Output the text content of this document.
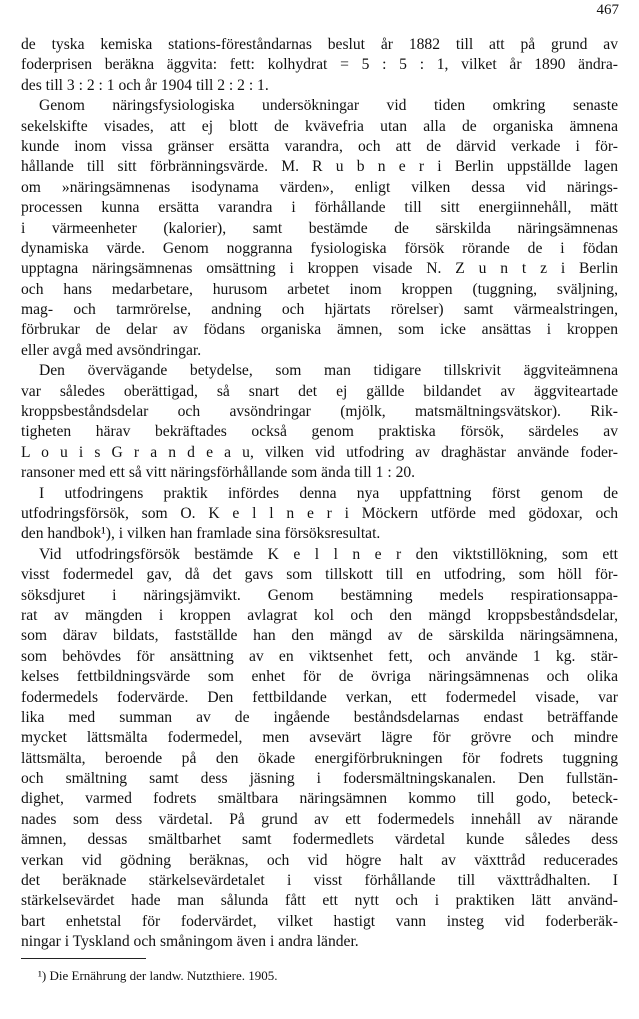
467
de tyska kemiska stations-föreståndarnas beslut år 1882 till att på grund av
foderprisen beräkna äggvita: fett: kolhydrat = 5 : 5 : 1, vilket år 1890 ändra-
des till 3 : 2 : 1 och år 1904 till 2 : 2 : 1.
Genom näringsfysiologiska undersökningar vid tiden omkring senaste
sekelskifte visades, att ej blott de kvävefria utan alla de organiska ämnena
kunde inom vissa gränser ersätta varandra, och att de därvid verkade i för-
hållande till sitt förbränningsvärde. M. R u b n e r i Berlin uppställde lagen
om »näringsämnenas isodynama värden», enligt vilken dessa vid närings-
processen kunna ersätta varandra i förhållande till sitt energiinnehåll, mätt
i värmeenheter (kalorier), samt bestämde de särskilda näringsämnenas
dynamiska värde. Genom noggranna fysiologiska försök rörande de i födan
upptagna näringsämnenas omsättning i kroppen visade N. Z u n t z i Berlin
och hans medarbetare, hurusom arbetet inom kroppen (tuggning, sväljning,
mag- och tarmrörelse, andning och hjärtats rörelser) samt värmealstringen,
förbrukar de delar av födans organiska ämnen, som icke ansättas i kroppen
eller avgå med avsöndringar.
Den övervägande betydelse, som man tidigare tillskrivit äggviteämnena
var således oberättigad, så snart det ej gällde bildandet av äggviteartade
kroppsbeståndsdelar och avsöndringar (mjölk, matsmältningsvätskor). Rik-
tigheten härav bekräftades också genom praktiska försök, särdeles av
L o u i s G r a n d e a u, vilken vid utfodring av draghästar använde foder-
ransoner med ett så vitt näringsförhållande som ända till 1 : 20.
I utfodringens praktik infördes denna nya uppfattning först genom de
utfodringsförsök, som O. K e l l n e r i Möckern utförde med gödoxar, och
den handbok¹), i vilken han framlade sina försöksresultat.
Vid utfodringsförsök bestämde K e l l n e r den viktstillökning, som ett
visst fodermedel gav, då det gavs som tillskott till en utfodring, som höll för-
söksdjuret i näringsjämvikt. Genom bestämning medels respirationsappa-
rat av mängden i kroppen avlagrat kol och den mängd kroppsbeståndsdelar,
som därav bildats, fastställde han den mängd av de särskilda näringsämnena,
som behövdes för ansättning av en viktsenhet fett, och använde 1 kg. stär-
kelses fettbildningsvärde som enhet för de övriga näringsämnenas och olika
fodermedels fodervärde. Den fettbildande verkan, ett fodermedel visade, var
lika med summan av de ingående beståndsdelarnas endast beträffande
mycket lättsmälta fodermedel, men avsevärt lägre för grövre och mindre
lättsmälta, beroende på den ökade energiförbrukningen för fodrets tuggning
och smältning samt dess jäsning i fodersmältningskanalen. Den fullstän-
dighet, varmed fodrets smältbara näringsämnen kommo till godo, beteck-
nades som dess värdetal. På grund av ett fodermedels innehåll av närande
ämnen, dessas smältbarhet samt fodermedlets värdetal kunde således dess
verkan vid gödning beräknas, och vid högre halt av växttråd reducerades
det beräknade stärkelsevärdetalet i visst förhållande till växttrådhalten. I
stärkelsevärdet hade man sålunda fått ett nytt och i praktiken lätt använd-
bart enhetstal för fodervärdet, vilket hastigt vann insteg vid foderberäk-
ningar i Tyskland och småningom även i andra länder.
¹) Die Ernährung der landw. Nutzthiere. 1905.
